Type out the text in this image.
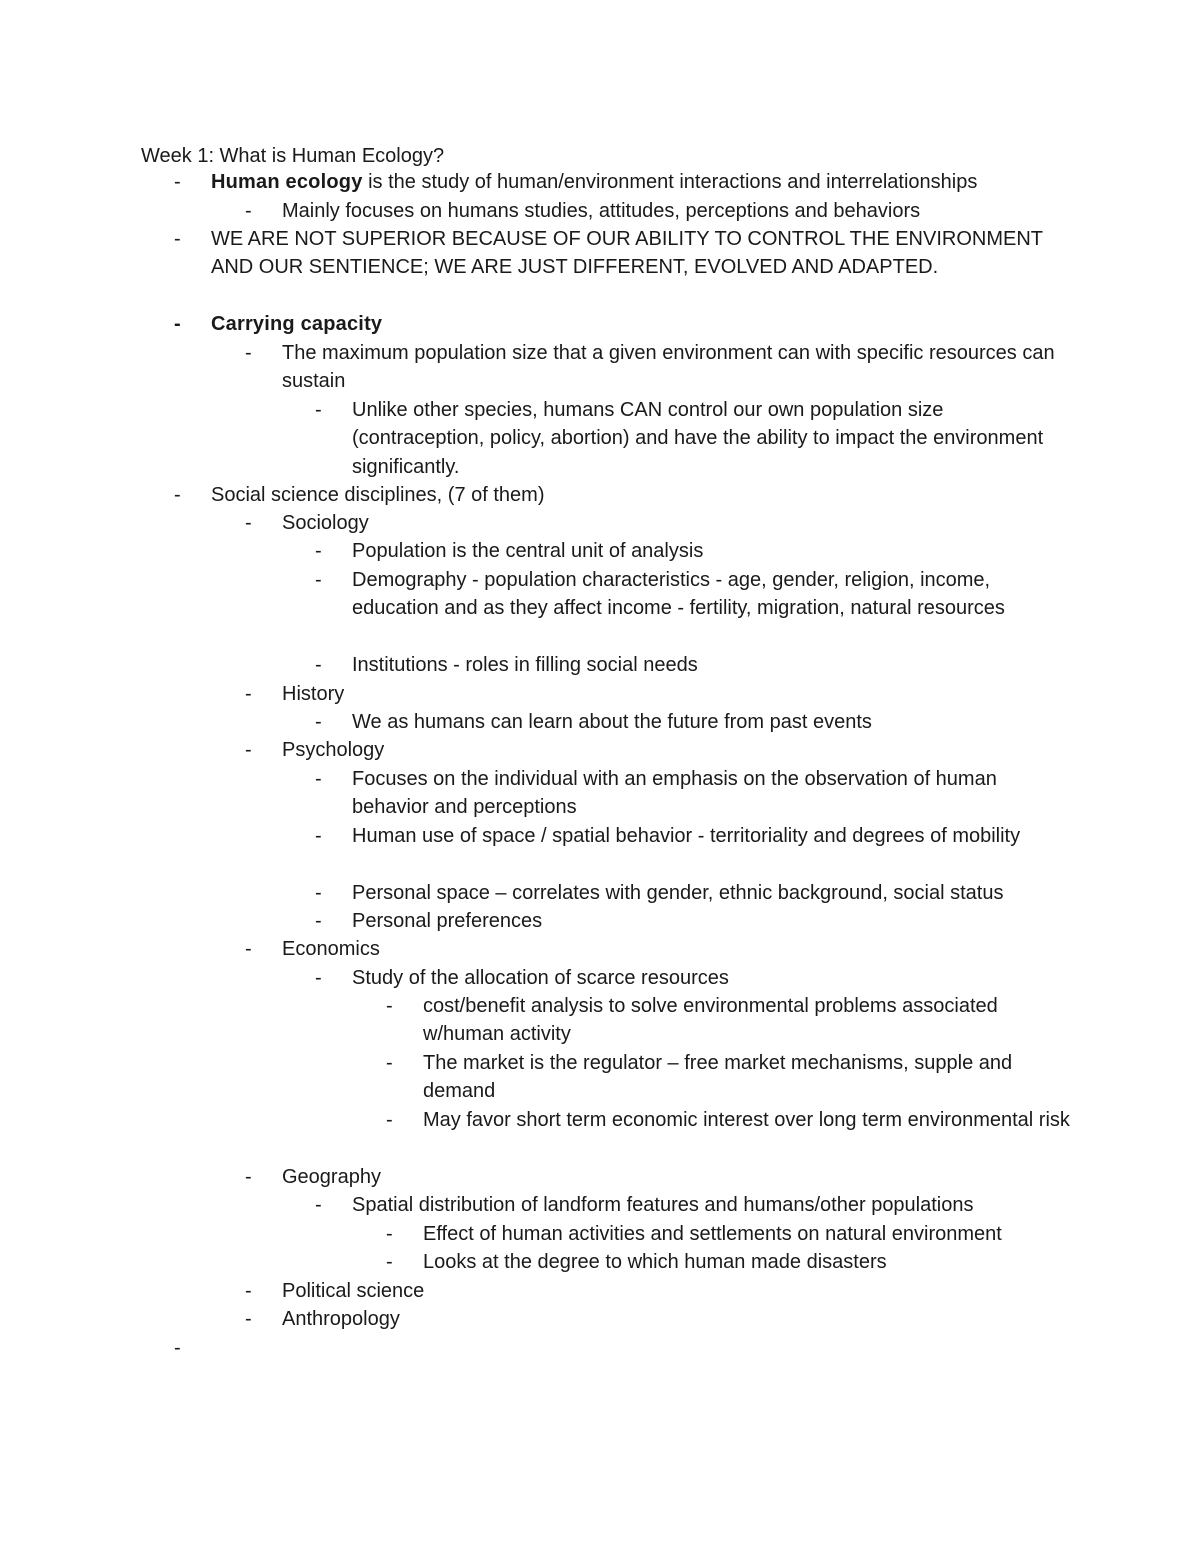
Week 1: What is Human Ecology?
-	Human ecology is the study of human/environment interactions and interrelationships
-	Mainly focuses on humans studies, attitudes, perceptions and behaviors
-	WE ARE NOT SUPERIOR BECAUSE OF OUR ABILITY TO CONTROL THE ENVIRONMENT AND OUR SENTIENCE; WE ARE JUST DIFFERENT, EVOLVED AND ADAPTED.
-	Carrying capacity
-	The maximum population size that a given environment can with specific resources can sustain
-	Unlike other species, humans CAN control our own population size (contraception, policy, abortion) and have the ability to impact the environment significantly.
-	Social science disciplines, (7 of them)
-	Sociology
-	Population is the central unit of analysis
-	Demography - population characteristics - age, gender, religion, income, education and as they affect income - fertility, migration, natural resources
-	Institutions - roles in filling social needs
-	History
-	We as humans can learn about the future from past events
-	Psychology
-	Focuses on the individual with an emphasis on the observation of human behavior and perceptions
-	Human use of space / spatial behavior - territoriality and degrees of mobility
-	Personal space – correlates with gender, ethnic background, social status
-	Personal preferences
-	Economics
-	Study of the allocation of scarce resources
-	cost/benefit analysis to solve environmental problems associated w/human activity
-	The market is the regulator – free market mechanisms, supple and demand
-	May favor short term economic interest over long term environmental risk
-	Geography
-	Spatial distribution of landform features and humans/other populations
-	Effect of human activities and settlements on natural environment
-	Looks at the degree to which human made disasters
-	Political science
-	Anthropology
-
